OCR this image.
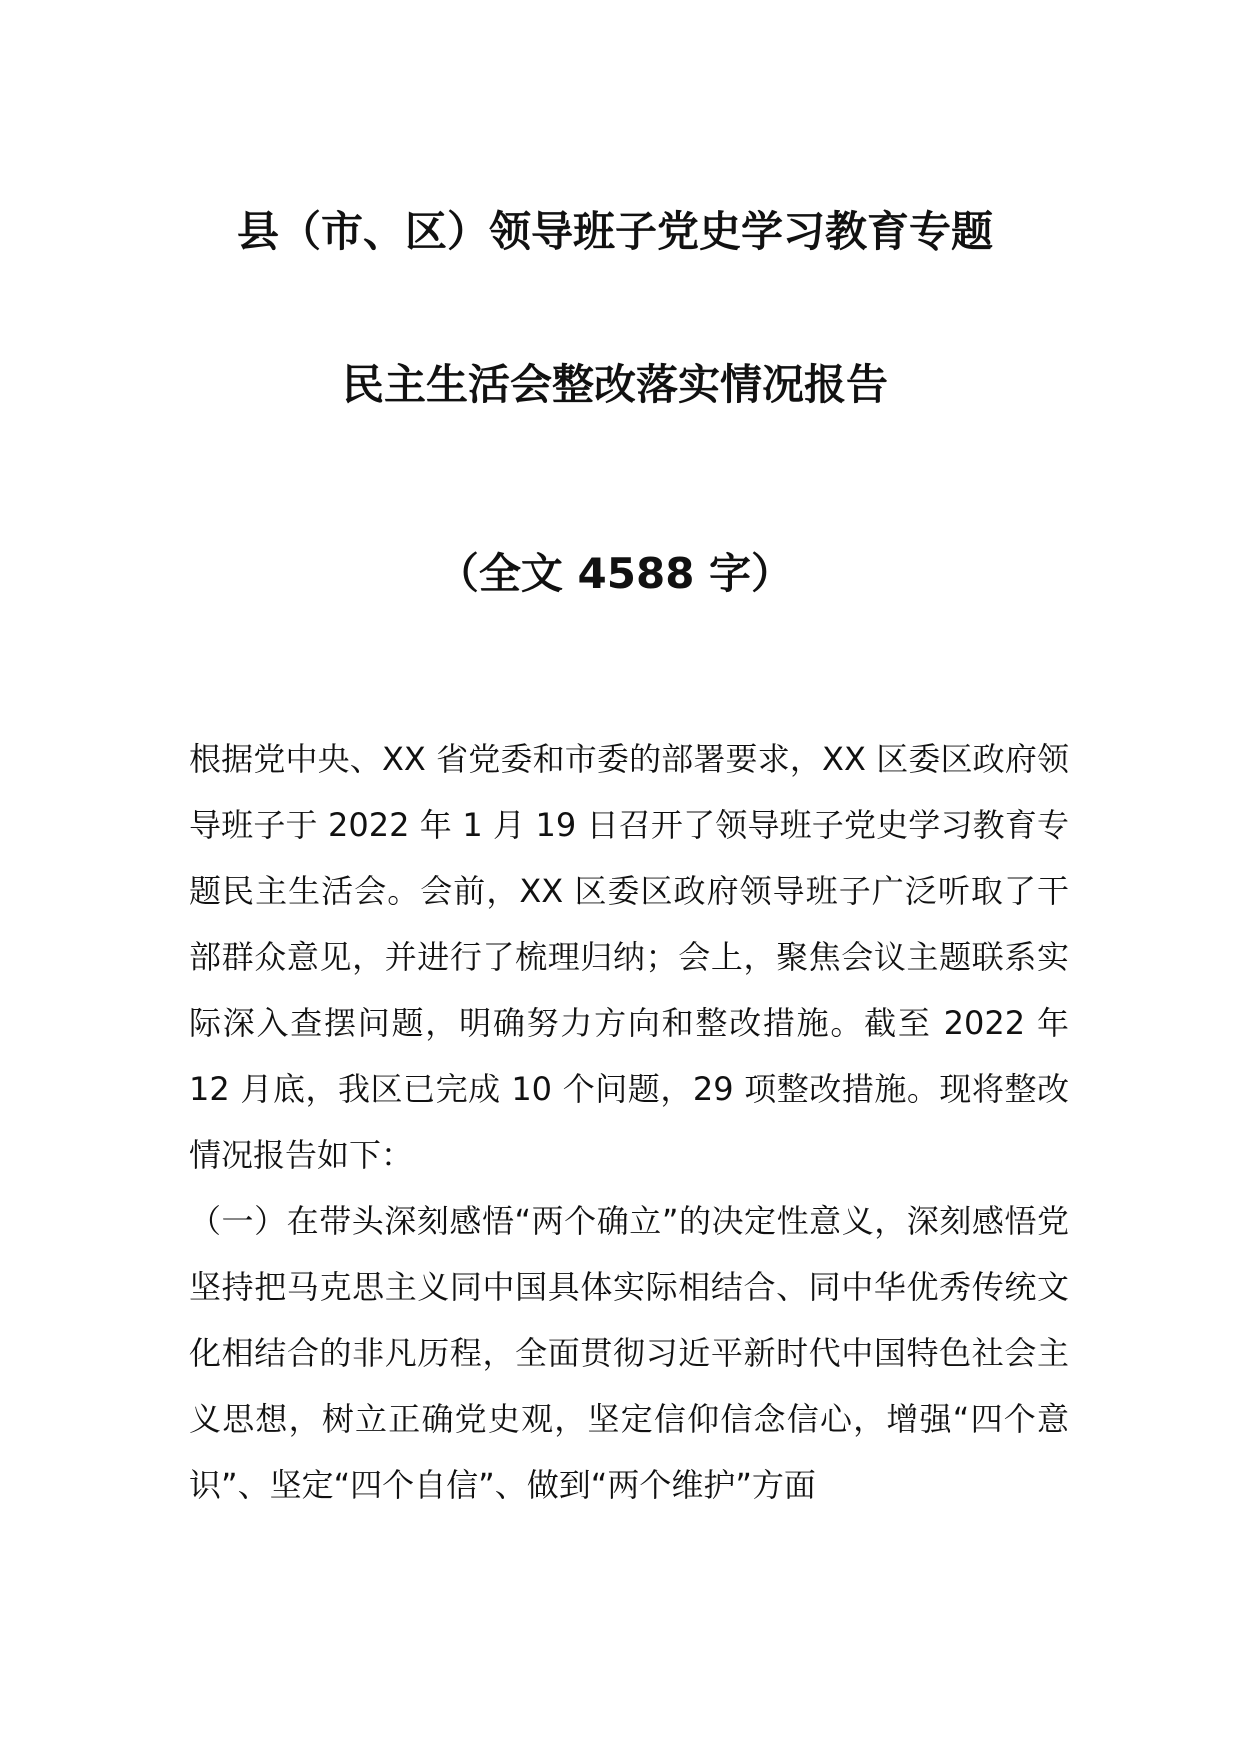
县（市、区）领导班子党史学习教育专题
民主生活会整改落实情况报告
（全文 4588 字）

根据党中央、XX 省党委和市委的部署要求，XX 区委区政府领导班子于 2022 年 1 月 19 日召开了领导班子党史学习教育专题民主生活会。会前，XX 区委区政府领导班子广泛听取了干部群众意见，并进行了梳理归纳；会上，聚焦会议主题联系实际深入查摆问题，明确努力方向和整改措施。截至 2022 年 12 月底，我区已完成 10 个问题，29 项整改措施。现将整改情况报告如下：

（一）在带头深刻感悟“两个确立”的决定性意义，深刻感悟党坚持把马克思主义同中国具体实际相结合、同中华优秀传统文化相结合的非凡历程，全面贯彻习近平新时代中国特色社会主义思想，树立正确党史观，坚定信仰信念信心，增强“四个意识”、坚定“四个自信”、做到“两个维护”方面
